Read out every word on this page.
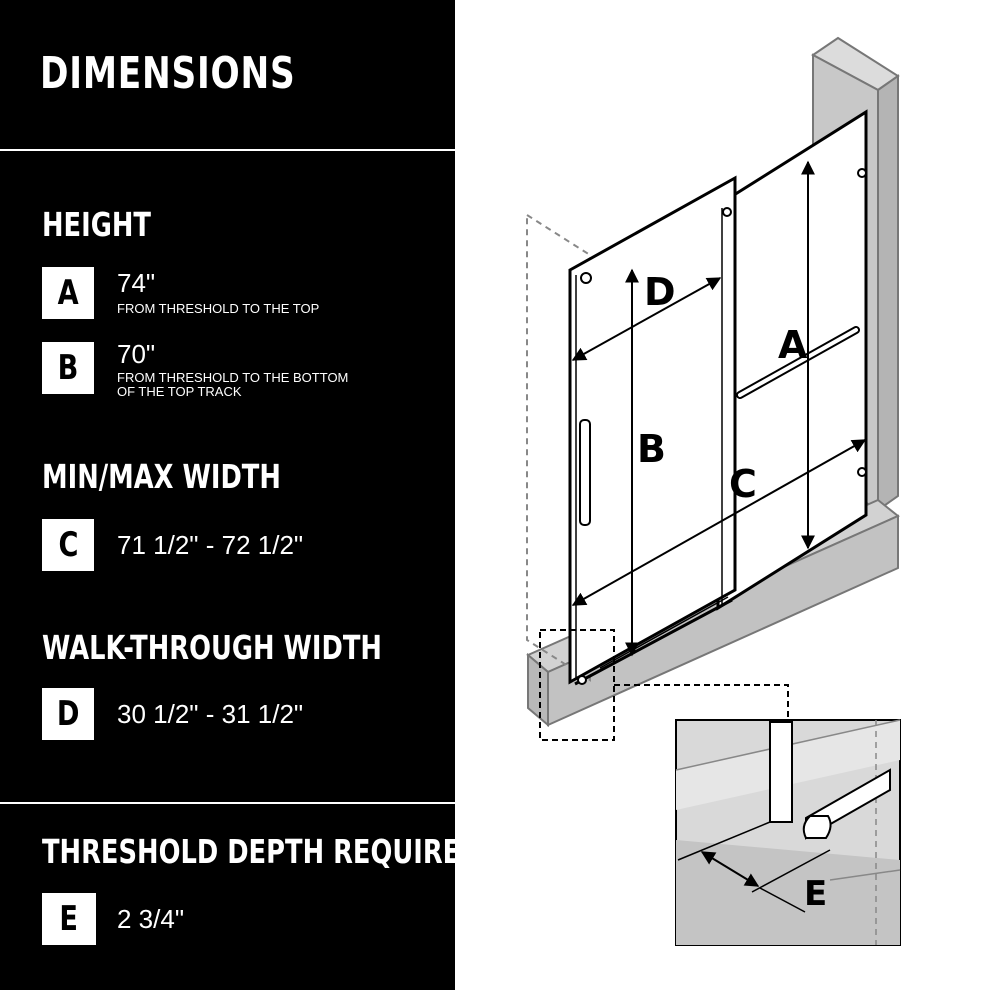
DIMENSIONS
HEIGHT
A 74"
FROM THRESHOLD TO THE TOP
B 70"
FROM THRESHOLD TO THE BOTTOM
OF THE TOP TRACK
MIN/MAX WIDTH
C 71 1/2" - 72 1/2"
WALK-THROUGH WIDTH
D 30 1/2" - 31 1/2"
THRESHOLD DEPTH REQUIRED
E 2 3/4"
A
B
C
D
E
